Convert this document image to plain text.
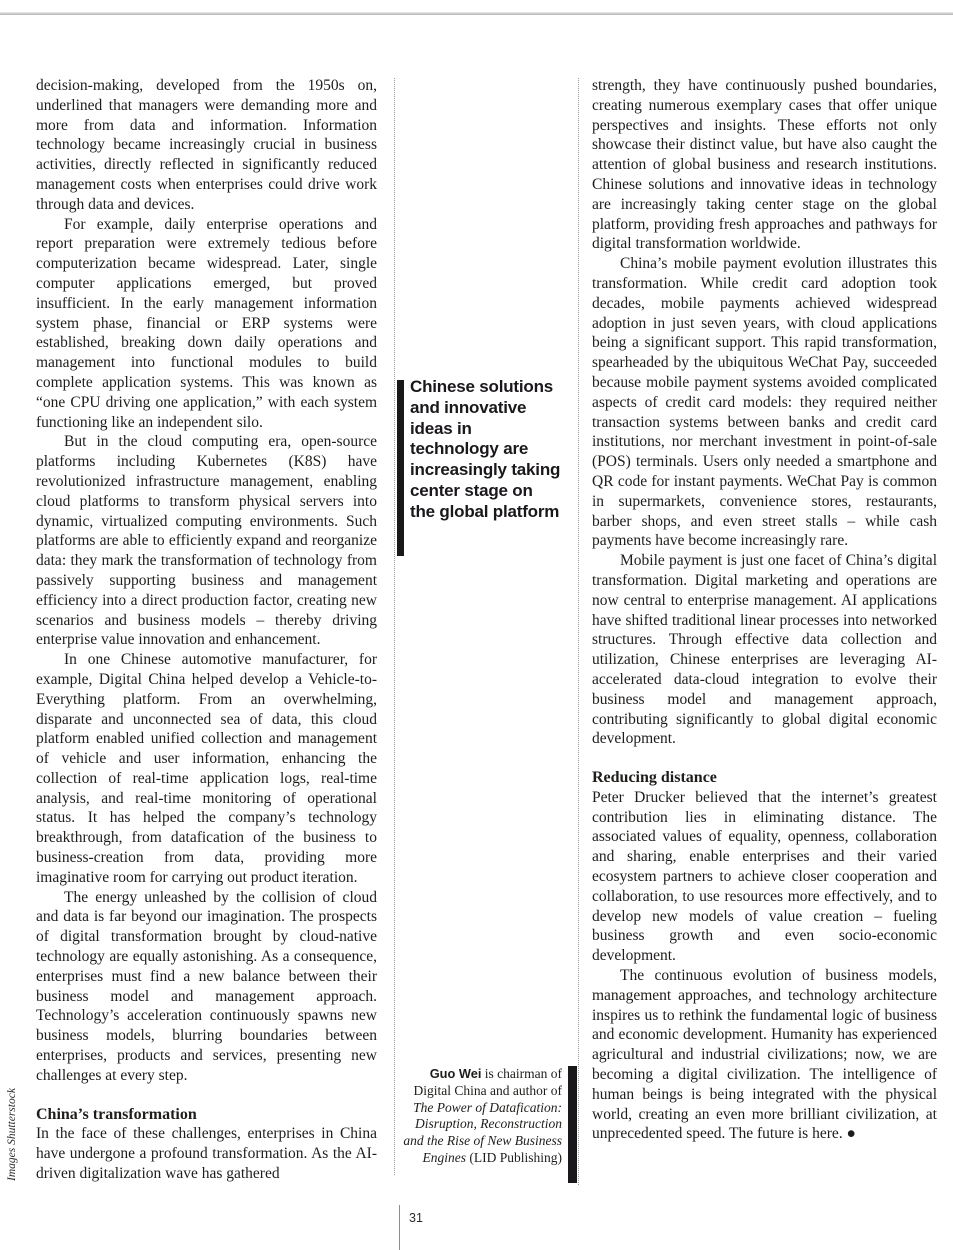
decision-making, developed from the 1950s on, underlined that managers were demanding more and more from data and information. Information technology became increasingly crucial in business activities, directly reflected in significantly reduced management costs when enterprises could drive work through data and devices.

For example, daily enterprise operations and report preparation were extremely tedious before computerization became widespread. Later, single computer applications emerged, but proved insufficient. In the early management information system phase, financial or ERP systems were established, breaking down daily operations and management into functional modules to build complete application systems. This was known as “one CPU driving one application,” with each system functioning like an independent silo.

But in the cloud computing era, open-source platforms including Kubernetes (K8S) have revolutionized infrastructure management, enabling cloud platforms to transform physical servers into dynamic, virtualized computing environments. Such platforms are able to efficiently expand and reorganize data: they mark the transformation of technology from passively supporting business and management efficiency into a direct production factor, creating new scenarios and business models – thereby driving enterprise value innovation and enhancement.

In one Chinese automotive manufacturer, for example, Digital China helped develop a Vehicle-to-Everything platform. From an overwhelming, disparate and unconnected sea of data, this cloud platform enabled unified collection and management of vehicle and user information, enhancing the collection of real-time application logs, real-time analysis, and real-time monitoring of operational status. It has helped the company’s technology breakthrough, from datafication of the business to business-creation from data, providing more imaginative room for carrying out product iteration.

The energy unleashed by the collision of cloud and data is far beyond our imagination. The prospects of digital transformation brought by cloud-native technology are equally astonishing. As a consequence, enterprises must find a new balance between their business model and management approach. Technology’s acceleration continuously spawns new business models, blurring boundaries between enterprises, products and services, presenting new challenges at every step.

China’s transformation

In the face of these challenges, enterprises in China have undergone a profound transformation. As the AI-driven digitalization wave has gathered

Chinese solutions and innovative ideas in technology are increasingly taking center stage on the global platform
Guo Wei is chairman of Digital China and author of The Power of Datafication: Disruption, Reconstruction and the Rise of New Business Engines (LID Publishing)

strength, they have continuously pushed boundaries, creating numerous exemplary cases that offer unique perspectives and insights. These efforts not only showcase their distinct value, but have also caught the attention of global business and research institutions. Chinese solutions and innovative ideas in technology are increasingly taking center stage on the global platform, providing fresh approaches and pathways for digital transformation worldwide.

China’s mobile payment evolution illustrates this transformation. While credit card adoption took decades, mobile payments achieved widespread adoption in just seven years, with cloud applications being a significant support. This rapid transformation, spearheaded by the ubiquitous WeChat Pay, succeeded because mobile payment systems avoided complicated aspects of credit card models: they required neither transaction systems between banks and credit card institutions, nor merchant investment in point-of-sale (POS) terminals. Users only needed a smartphone and QR code for instant payments. WeChat Pay is common in supermarkets, convenience stores, restaurants, barber shops, and even street stalls – while cash payments have become increasingly rare.

Mobile payment is just one facet of China’s digital transformation. Digital marketing and operations are now central to enterprise management. AI applications have shifted traditional linear processes into networked structures. Through effective data collection and utilization, Chinese enterprises are leveraging AI-accelerated data-cloud integration to evolve their business model and management approach, contributing significantly to global digital economic development.

Reducing distance

Peter Drucker believed that the internet’s greatest contribution lies in eliminating distance. The associated values of equality, openness, collaboration and sharing, enable enterprises and their varied ecosystem partners to achieve closer cooperation and collaboration, to use resources more effectively, and to develop new models of value creation – fueling business growth and even socio-economic development.

The continuous evolution of business models, management approaches, and technology architecture inspires us to rethink the fundamental logic of business and economic development. Humanity has experienced agricultural and industrial civilizations; now, we are becoming a digital civilization. The intelligence of human beings is being integrated with the physical world, creating an even more brilliant civilization, at unprecedented speed. The future is here. ●

Images Shutterstock
31
